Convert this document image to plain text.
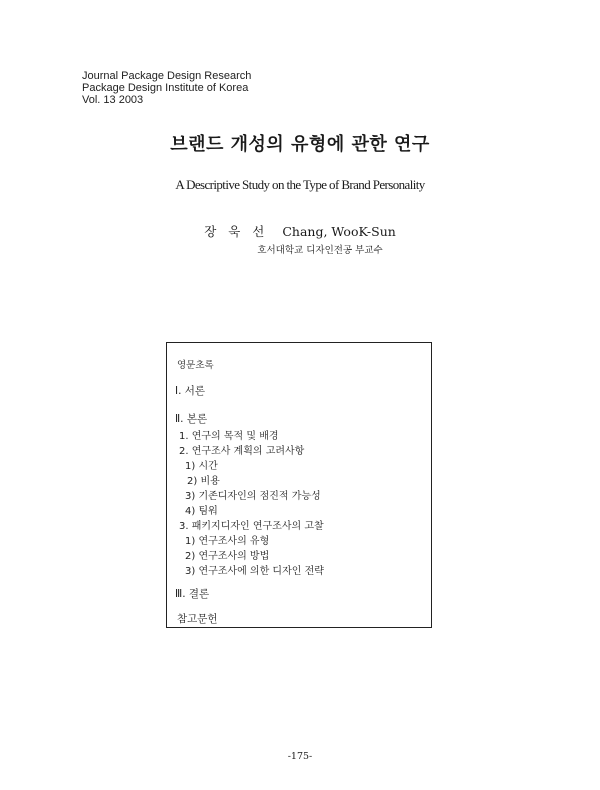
Journal Package Design Research
Package Design Institute of Korea
Vol. 13 2003
브랜드 개성의 유형에 관한 연구
A Descriptive Study on the Type of Brand Personality
장 욱 선 Chang, WooK-Sun
호서대학교 디자인전공 부교수
영문초록
Ⅰ. 서론
Ⅱ. 본론
1. 연구의 목적 및 배경
2. 연구조사 계획의 고려사항
1) 시간
2) 비용
3) 기존디자인의 점진적 가능성
4) 팀워
3. 패키지디자인 연구조사의 고찰
1) 연구조사의 유형
2) 연구조사의 방법
3) 연구조사에 의한 디자인 전략
Ⅲ. 결론
참고문헌
-175-
